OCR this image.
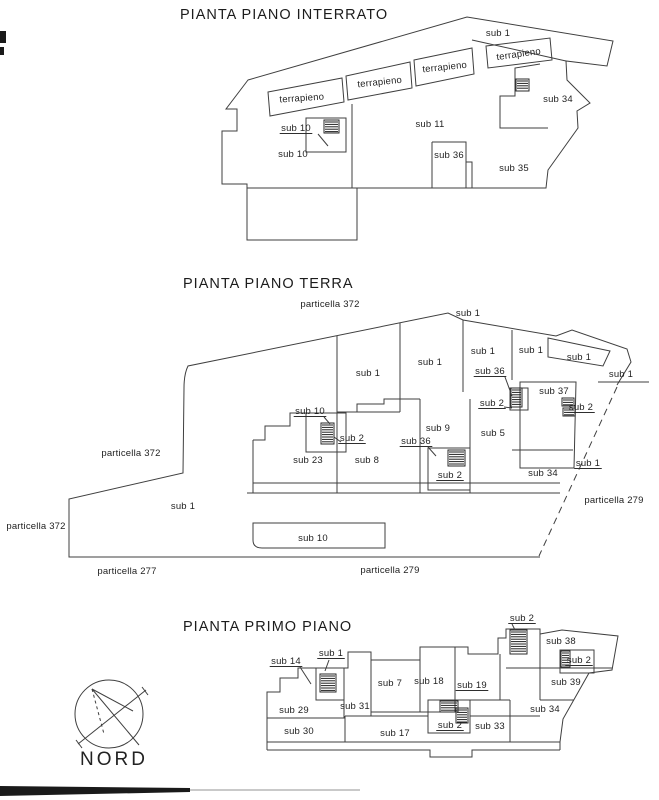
sub 1
terrapieno
terrapieno
terrapieno
terrapieno	sub 34
sub 10	sub 11
sub 10	sub 36
sub 35
particella 372
sub 1
sub 1
sub 1
sub 1	sub 1
sub 1
sub 1
sub 36
sub 2
sub 37
sub 2
sub 10
sub 2
sub 23	sub 8
sub 9
sub 36
sub 2
sub 5
sub 34
sub 1
particella 279
sub 10
particella 277	particella 279
particella 372
particella 372
sub 1
sub 2
sub 38
sub 2
sub 39
sub 34
sub 14
sub 1
sub 7 sub 18 sub 19
sub 29	sub 31
sub 2 sub 33
sub 30	sub 17
PIANTA PIANO INTERRATO
PIANTA PIANO TERRA
PIANTA PRIMO PIANO
NORD
